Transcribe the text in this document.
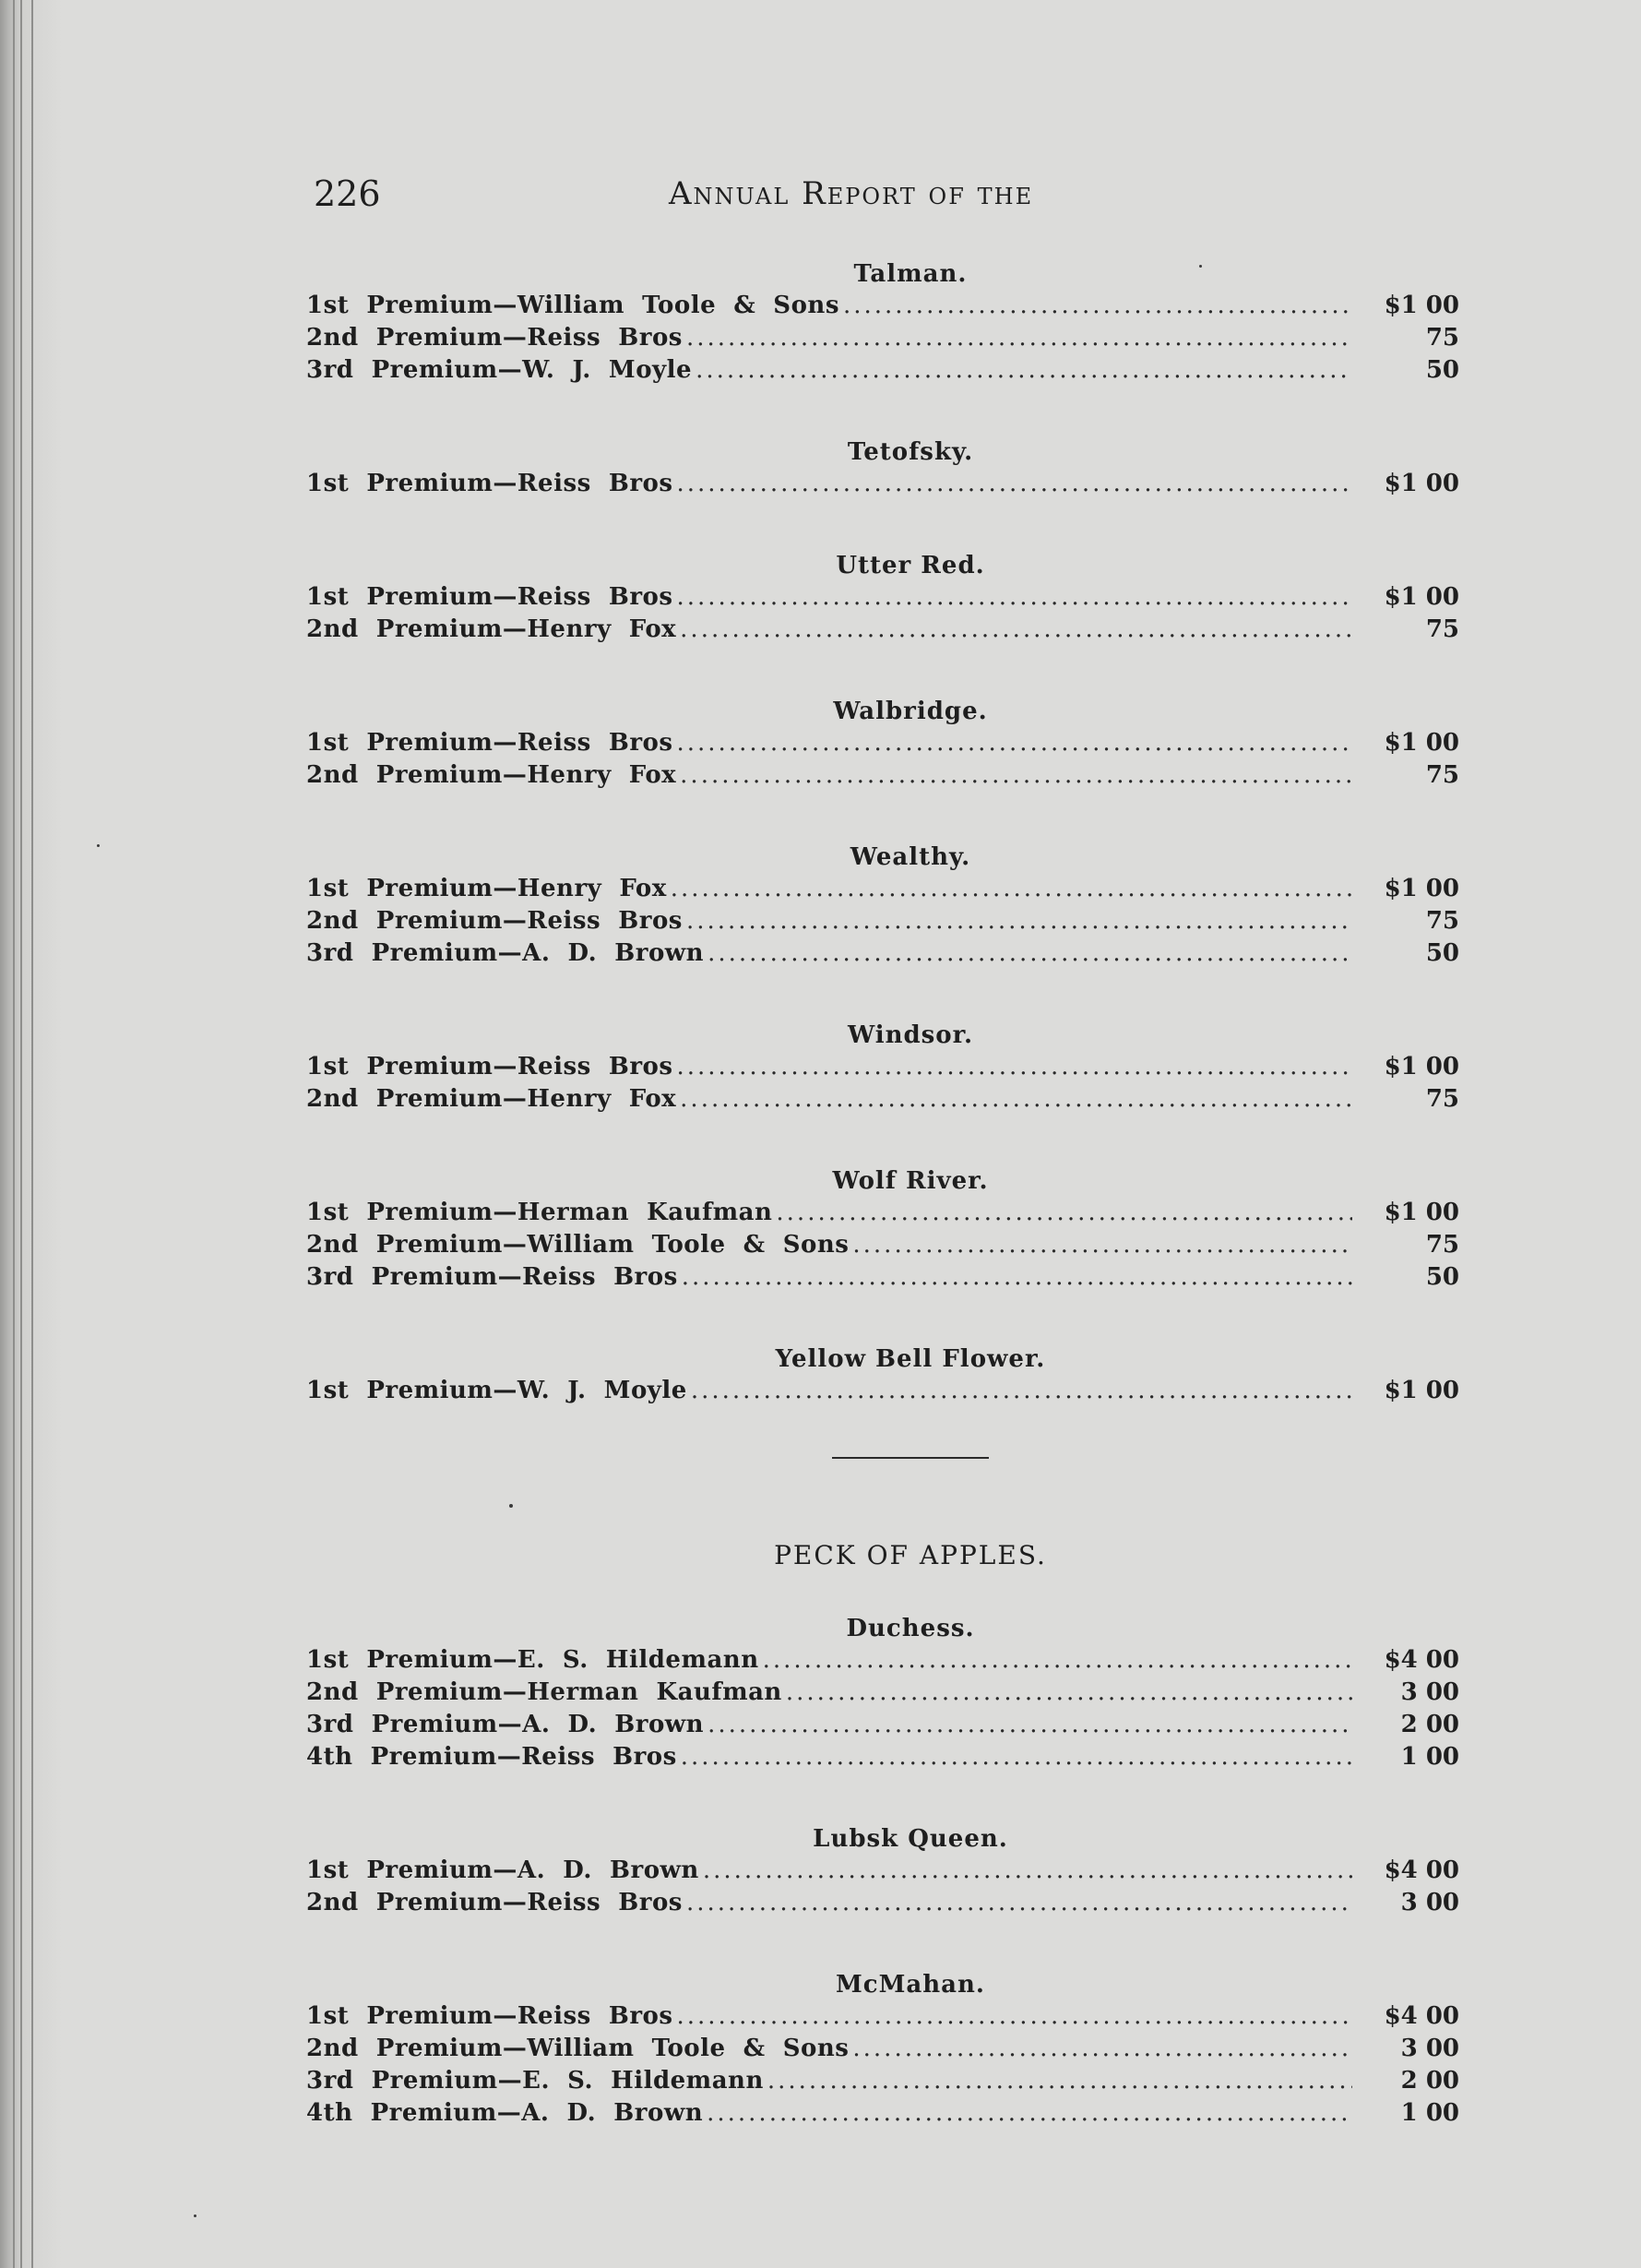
226	Annual Report of the
Talman.
1st  Premium—William  Toole  &  Sons .....	$1 00
2nd  Premium—Reiss  Bros .....	75
3rd  Premium—W.  J.  Moyle .....	50
Tetofsky.
1st  Premium—Reiss  Bros .....	$1 00
Utter Red.
1st  Premium—Reiss  Bros .....	$1 00
2nd  Premium—Henry  Fox .....	75
Walbridge.
1st  Premium—Reiss  Bros .....	$1 00
2nd  Premium—Henry  Fox .....	75
Wealthy.
1st  Premium—Henry  Fox .....	$1 00
2nd  Premium—Reiss  Bros .....	75
3rd  Premium—A.  D.  Brown .....	50
Windsor.
1st  Premium—Reiss  Bros .....	$1 00
2nd  Premium—Henry  Fox .....	75
Wolf River.
1st  Premium—Herman  Kaufman .....	$1 00
2nd  Premium—William  Toole  &  Sons .....	75
3rd  Premium—Reiss  Bros .....	50
Yellow Bell Flower.
1st  Premium—W.  J.  Moyle .....	$1 00
PECK OF APPLES.
Duchess.
1st  Premium—E.  S.  Hildemann .....	$4 00
2nd  Premium—Herman  Kaufman .....	3 00
3rd  Premium—A.  D.  Brown .....	2 00
4th  Premium—Reiss  Bros .....	1 00
Lubsk Queen.
1st  Premium—A.  D.  Brown .....	$4 00
2nd  Premium—Reiss  Bros .....	3 00
McMahan.
1st  Premium—Reiss  Bros .....	$4 00
2nd  Premium—William  Toole  &  Sons .....	3 00
3rd  Premium—E.  S.  Hildemann .....	2 00
4th  Premium—A.  D.  Brown .....	1 00
